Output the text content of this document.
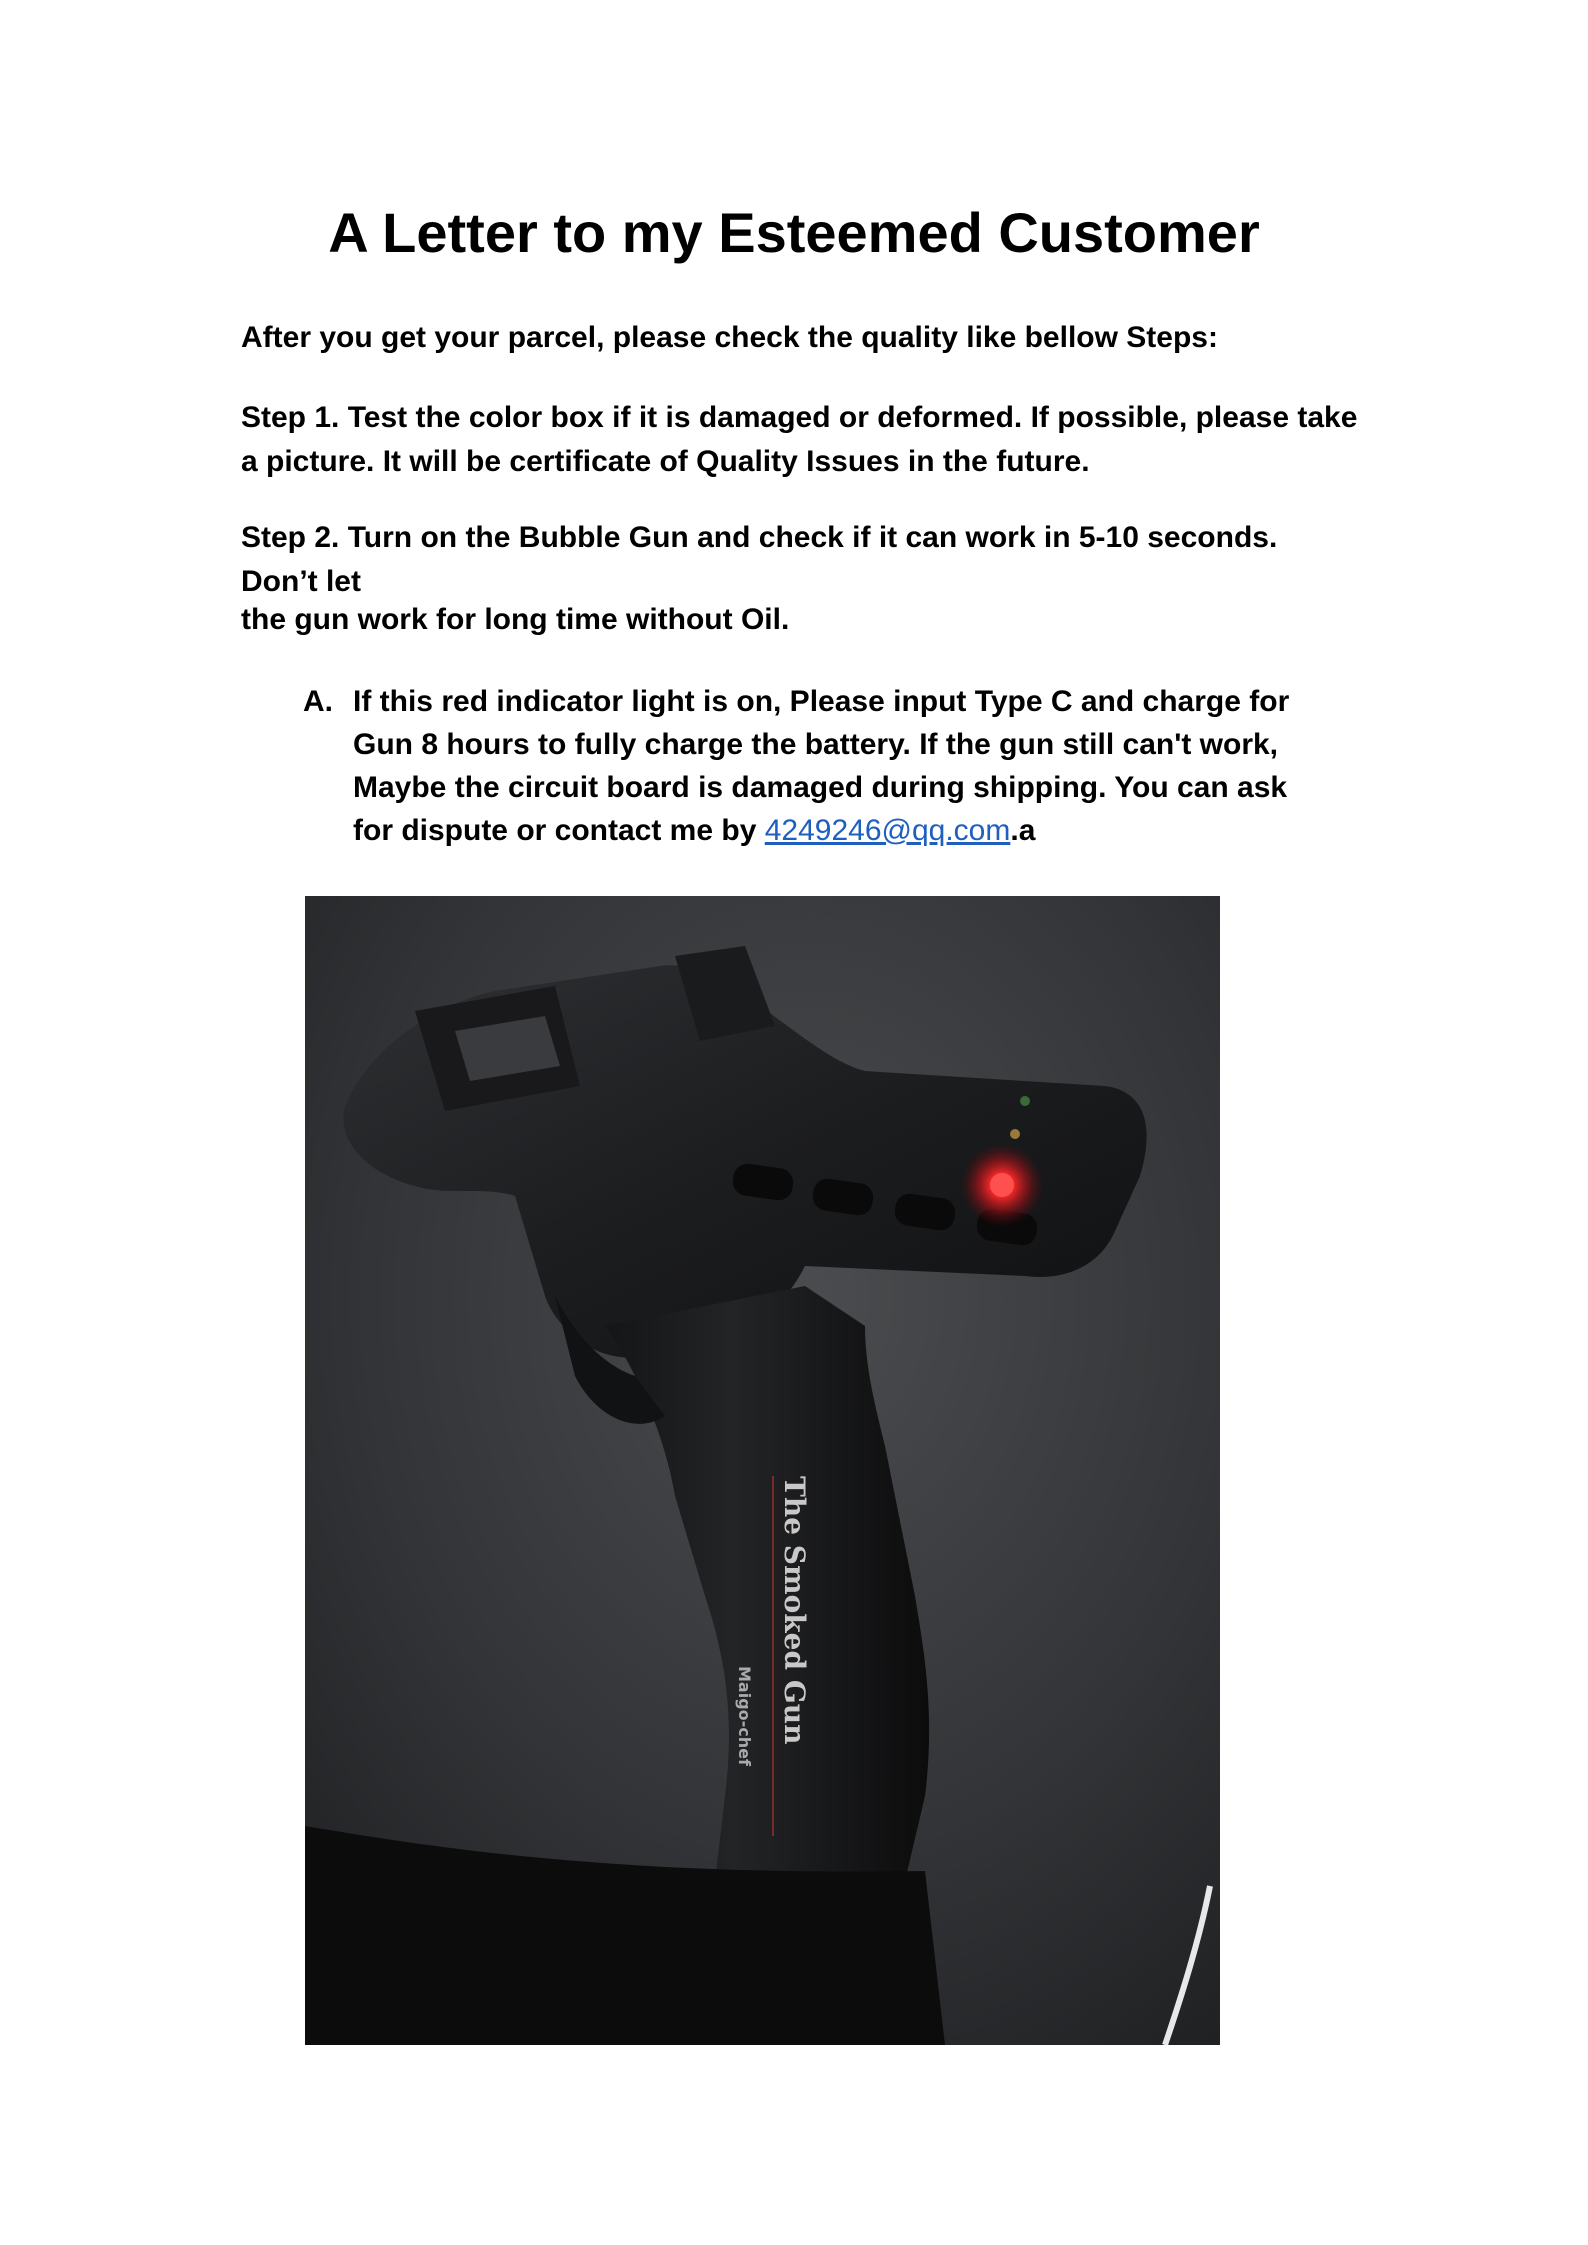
A Letter to my Esteemed Customer

After you get your parcel, please check the quality like bellow Steps:

Step 1. Test the color box if it is damaged or deformed. If possible, please take a picture. It will be certificate of Quality Issues in the future.

Step 2. Turn on the Bubble Gun and check if it can work in 5-10 seconds. Don’t let

the gun work for long time without Oil.

A. If this red indicator light is on, Please input Type C and charge for Gun 8 hours to fully charge the battery. If the gun still can't work, Maybe the circuit board is damaged during shipping. You can ask for dispute or contact me by 4249246@qq.com.a
The Smoked Gun
Maigo-chef
